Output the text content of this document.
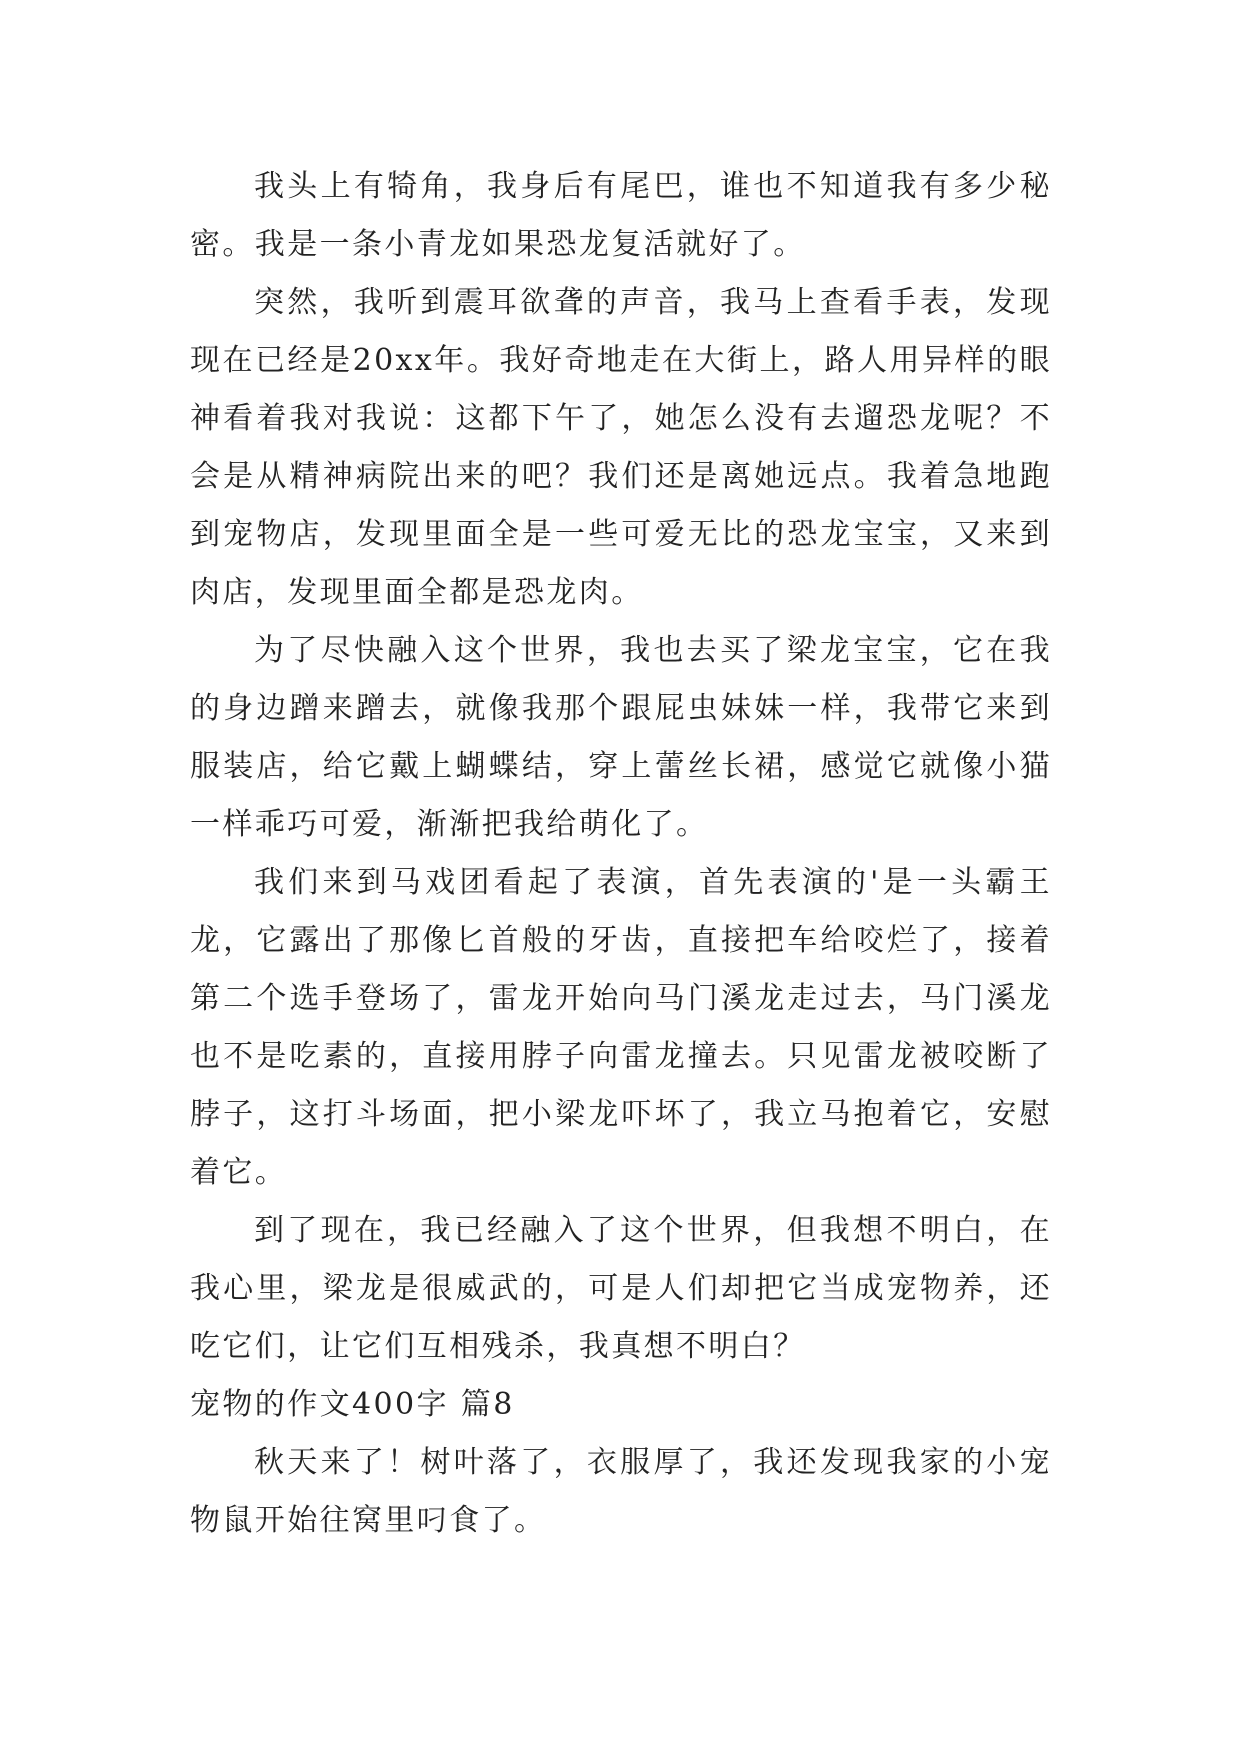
我头上有犄角，我身后有尾巴，谁也不知道我有多少秘密。我是一条小青龙如果恐龙复活就好了。

突然，我听到震耳欲聋的声音，我马上查看手表，发现现在已经是20xx年。我好奇地走在大街上，路人用异样的眼神看着我对我说：这都下午了，她怎么没有去遛恐龙呢？不会是从精神病院出来的吧？我们还是离她远点。我着急地跑到宠物店，发现里面全是一些可爱无比的恐龙宝宝，又来到肉店，发现里面全都是恐龙肉。

为了尽快融入这个世界，我也去买了梁龙宝宝，它在我的身边蹭来蹭去，就像我那个跟屁虫妹妹一样，我带它来到服装店，给它戴上蝴蝶结，穿上蕾丝长裙，感觉它就像小猫一样乖巧可爱，渐渐把我给萌化了。

我们来到马戏团看起了表演，首先表演的'是一头霸王龙，它露出了那像匕首般的牙齿，直接把车给咬烂了，接着第二个选手登场了，雷龙开始向马门溪龙走过去，马门溪龙也不是吃素的，直接用脖子向雷龙撞去。只见雷龙被咬断了脖子，这打斗场面，把小梁龙吓坏了，我立马抱着它，安慰着它。

到了现在，我已经融入了这个世界，但我想不明白，在我心里，梁龙是很威武的，可是人们却把它当成宠物养，还吃它们，让它们互相残杀，我真想不明白？

宠物的作文400字 篇8

秋天来了！树叶落了，衣服厚了，我还发现我家的小宠物鼠开始往窝里叼食了。
